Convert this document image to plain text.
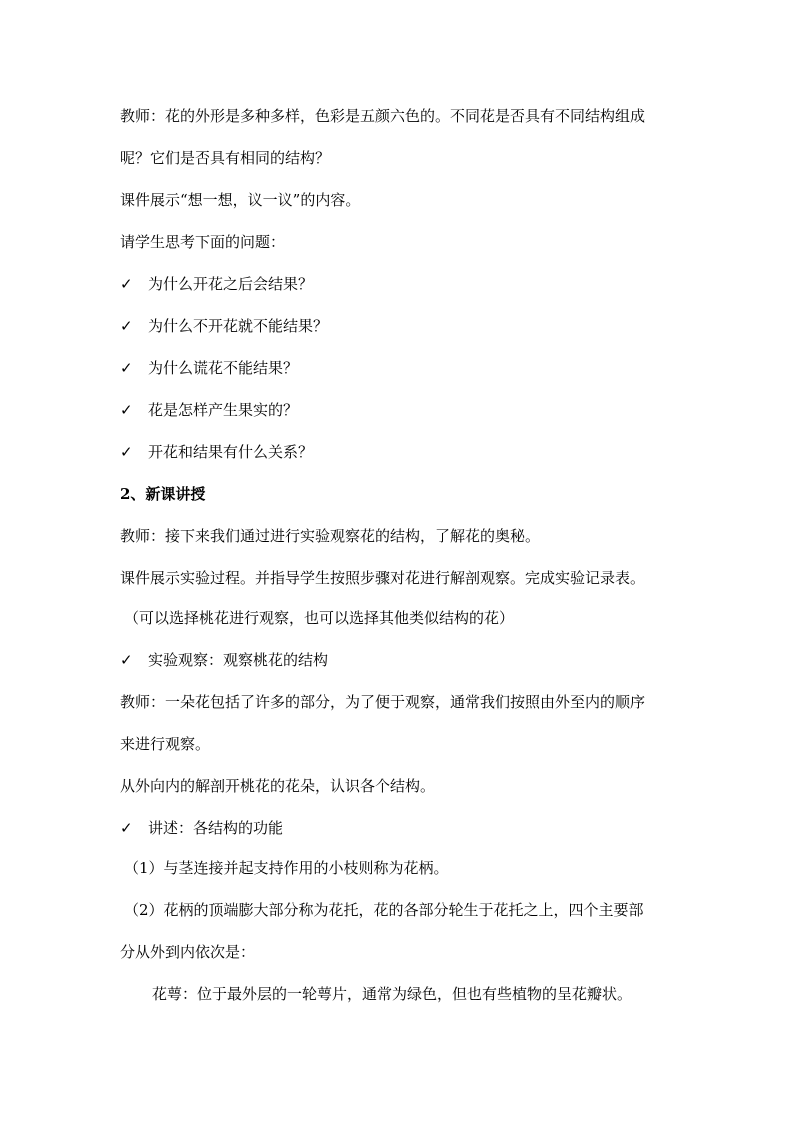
教师：花的外形是多种多样，色彩是五颜六色的。不同花是否具有不同结构组成
呢？它们是否具有相同的结构？
课件展示“想一想，议一议”的内容。
请学生思考下面的问题：
✓ 为什么开花之后会结果？
✓ 为什么不开花就不能结果？
✓ 为什么谎花不能结果？
✓ 花是怎样产生果实的？
✓ 开花和结果有什么关系？
2、新课讲授
教师：接下来我们通过进行实验观察花的结构，了解花的奥秘。
课件展示实验过程。并指导学生按照步骤对花进行解剖观察。完成实验记录表。
（可以选择桃花进行观察，也可以选择其他类似结构的花）
✓ 实验观察：观察桃花的结构
教师：一朵花包括了许多的部分，为了便于观察，通常我们按照由外至内的顺序
来进行观察。
从外向内的解剖开桃花的花朵，认识各个结构。
✓ 讲述：各结构的功能
（1）与茎连接并起支持作用的小枝则称为花柄。
（2）花柄的顶端膨大部分称为花托，花的各部分轮生于花托之上，四个主要部
分从外到内依次是：
花萼：位于最外层的一轮萼片，通常为绿色，但也有些植物的呈花瓣状。
